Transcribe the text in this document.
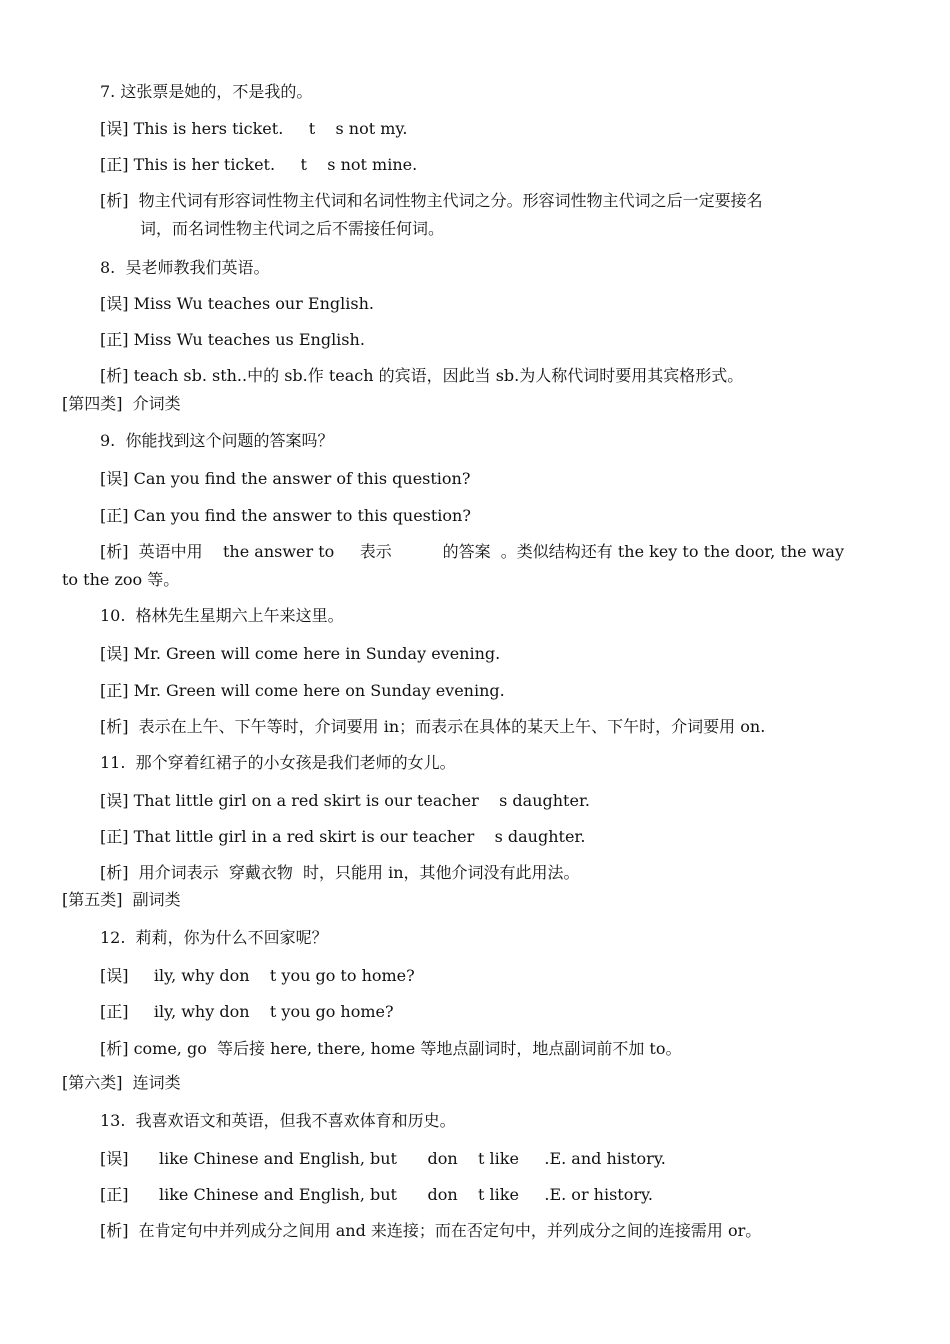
7. 这张票是她的，不是我的。
[误] This is hers ticket.     t    s not my.
[正] This is her ticket.     t    s not mine.
[析]  物主代词有形容词性物主代词和名词性物主代词之分。形容词性物主代词之后一定要接名
词，而名词性物主代词之后不需接任何词。
8.  吴老师教我们英语。
[误] Miss Wu teaches our English.
[正] Miss Wu teaches us English.
[析] teach sb. sth..中的 sb.作 teach 的宾语，因此当 sb.为人称代词时要用其宾格形式。
[第四类]  介词类
9.  你能找到这个问题的答案吗？
[误] Can you find the answer of this question?
[正] Can you find the answer to this question?
[析]  英语中用    the answer to     表示          的答案  。类似结构还有 the key to the door, the way
to the zoo 等。
10.  格林先生星期六上午来这里。
[误] Mr. Green will come here in Sunday evening.
[正] Mr. Green will come here on Sunday evening.
[析]  表示在上午、下午等时，介词要用 in；而表示在具体的某天上午、下午时，介词要用 on.
11.  那个穿着红裙子的小女孩是我们老师的女儿。
[误] That little girl on a red skirt is our teacher    s daughter.
[正] That little girl in a red skirt is our teacher    s daughter.
[析]  用介词表示  穿戴衣物  时，只能用 in，其他介词没有此用法。
[第五类]  副词类
12.  莉莉，你为什么不回家呢？
[误]     ily, why don    t you go to home?
[正]     ily, why don    t you go home?
[析] come, go  等后接 here, there, home 等地点副词时，地点副词前不加 to。
[第六类]  连词类
13.  我喜欢语文和英语，但我不喜欢体育和历史。
[误]      like Chinese and English, but      don    t like     .E. and history.
[正]      like Chinese and English, but      don    t like     .E. or history.
[析]  在肯定句中并列成分之间用 and 来连接；而在否定句中，并列成分之间的连接需用 or。
